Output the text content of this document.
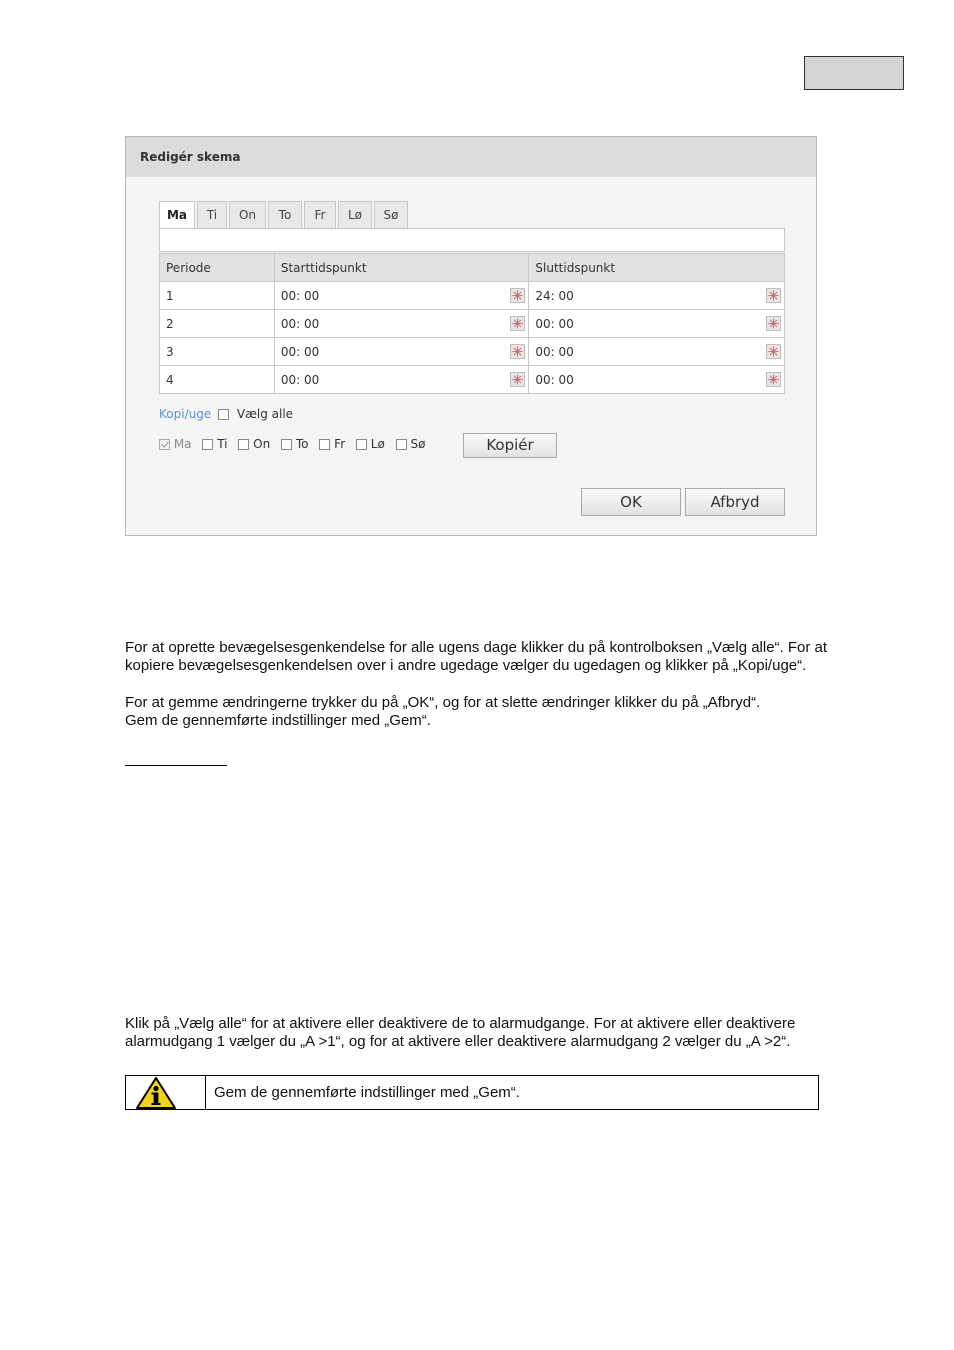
Redigér skema
Ma	Ti	On	To	Fr	Lø	Sø
Periode	Starttidspunkt	Sluttidspunkt
1	00: 00	24: 00

2	00: 00	00: 00

3	00: 00	00: 00

4	00: 00	00: 00
Kopi/uge Vælg alle
Ma Ti On To Fr Lø Sø	Kopiér
OK	Afbryd

For at oprette bevægelsesgenkendelse for alle ugens dage klikker du på kontrolboksen „Vælg alle“. For at
kopiere bevægelsesgenkendelsen over i andre ugedage vælger du ugedagen og klikker på „Kopi/uge“.

For at gemme ændringerne trykker du på „OK“, og for at slette ændringer klikker du på „Afbryd“.
Gem de gennemførte indstillinger med „Gem“.

Klik på „Vælg alle“ for at aktivere eller deaktivere de to alarmudgange. For at aktivere eller deaktivere
alarmudgang 1 vælger du „A >1“, og for at aktivere eller deaktivere alarmudgang 2 vælger du „A >2“.

Gem de gennemførte indstillinger med „Gem“.
